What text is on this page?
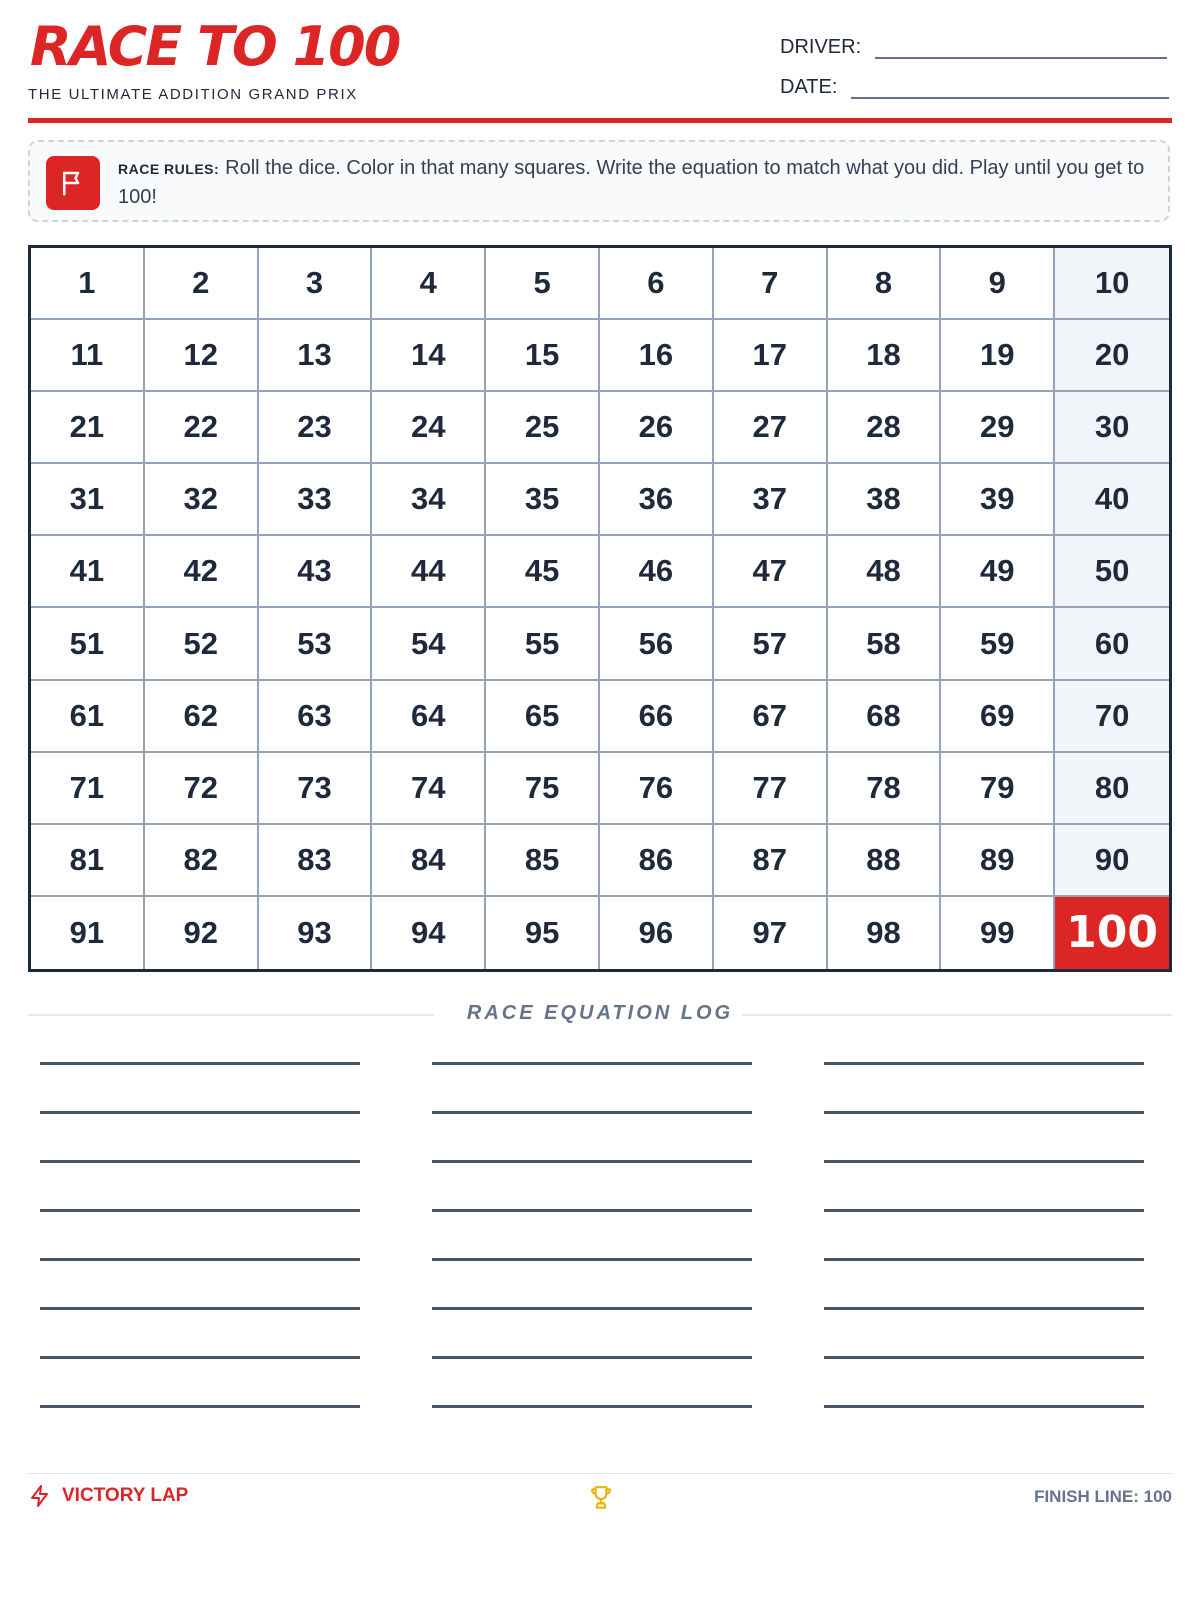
RACE TO 100
THE ULTIMATE ADDITION GRAND PRIX
DRIVER:
DATE:
RACE RULES: Roll the dice. Color in that many squares. Write the equation to match what you did. Play until you get to 100!
1	2	3	4	5	6	7	8	9	10
11	12	13	14	15	16	17	18	19	20
21	22	23	24	25	26	27	28	29	30
31	32	33	34	35	36	37	38	39	40
41	42	43	44	45	46	47	48	49	50
51	52	53	54	55	56	57	58	59	60
61	62	63	64	65	66	67	68	69	70
71	72	73	74	75	76	77	78	79	80
81	82	83	84	85	86	87	88	89	90
91	92	93	94	95	96	97	98	99	100
RACE EQUATION LOG
VICTORY LAP	FINISH LINE: 100
